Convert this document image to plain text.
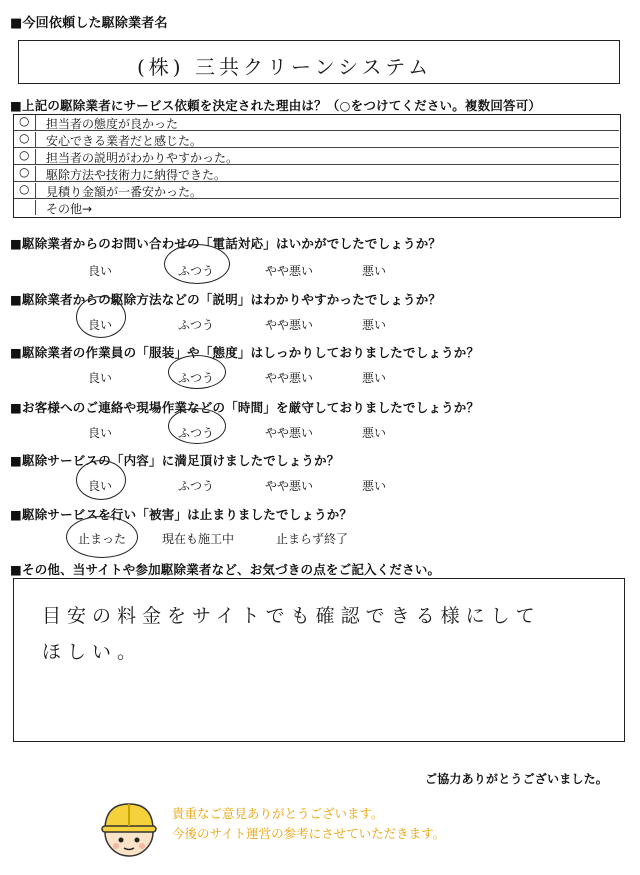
■今回依頼した駆除業者名
(株) 三共クリーンシステム
■上記の駆除業者にサービス依頼を決定された理由は？（○をつけてください。複数回答可）
○ 担当者の態度が良かった
○ 安心できる業者だと感じた。
○ 担当者の説明がわかりやすかった。
○ 駆除方法や技術力に納得できた。
○ 見積り金額が一番安かった。
その他→
■駆除業者からのお問い合わせの「電話対応」はいかがでしたでしょうか？
良い	ふつう	やや悪い	悪い
■駆除業者からの駆除方法などの「説明」はわかりやすかったでしょうか？
良い	ふつう	やや悪い	悪い
■駆除業者の作業員の「服装」や「態度」はしっかりしておりましたでしょうか？
良い	ふつう	やや悪い	悪い
■お客様へのご連絡や現場作業などの「時間」を厳守しておりましたでしょうか？
良い	ふつう	やや悪い	悪い
■駆除サービスの「内容」に満足頂けましたでしょうか？
良い	ふつう	やや悪い	悪い
■駆除サービスを行い「被害」は止まりましたでしょうか？
止まった	現在も施工中	止まらず終了
■その他、当サイトや参加駆除業者など、お気づきの点をご記入ください。
目安の料金をサイトでも確認できる様にして
ほしい。
ご協力ありがとうございました。
貴重なご意見ありがとうございます。
今後のサイト運営の参考にさせていただきます。
